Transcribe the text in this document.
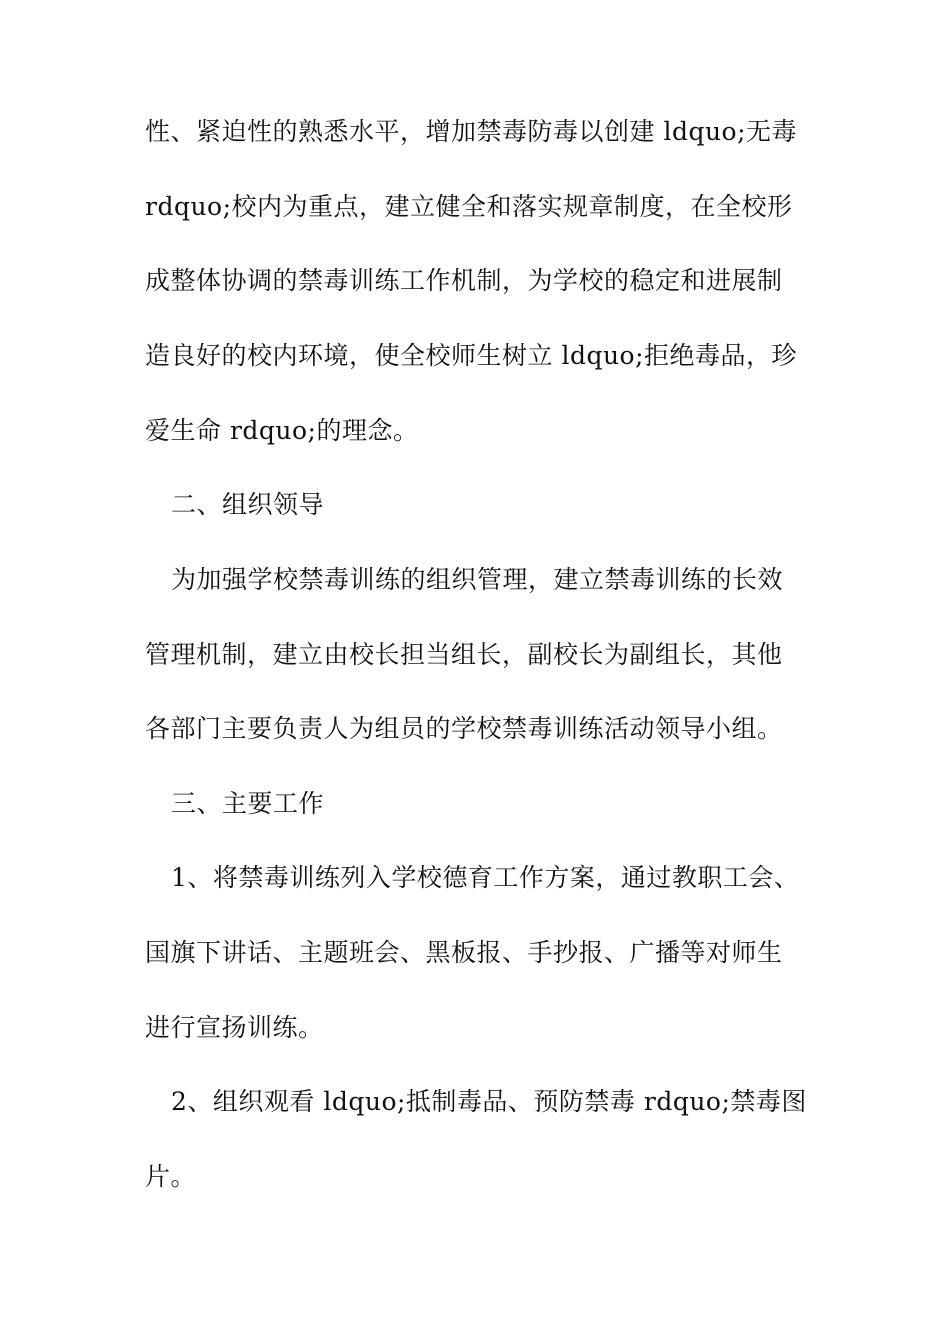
性、紧迫性的熟悉水平，增加禁毒防毒以创建 ldquo;无毒
rdquo;校内为重点，建立健全和落实规章制度，在全校形
成整体协调的禁毒训练工作机制，为学校的稳定和进展制
造良好的校内环境，使全校师生树立 ldquo;拒绝毒品，珍
爱生命 rdquo;的理念。
二、组织领导
为加强学校禁毒训练的组织管理，建立禁毒训练的长效
管理机制，建立由校长担当组长，副校长为副组长，其他
各部门主要负责人为组员的学校禁毒训练活动领导小组。
三、主要工作
1、将禁毒训练列入学校德育工作方案，通过教职工会、
国旗下讲话、主题班会、黑板报、手抄报、广播等对师生
进行宣扬训练。
2、组织观看 ldquo;抵制毒品、预防禁毒 rdquo;禁毒图
片。
